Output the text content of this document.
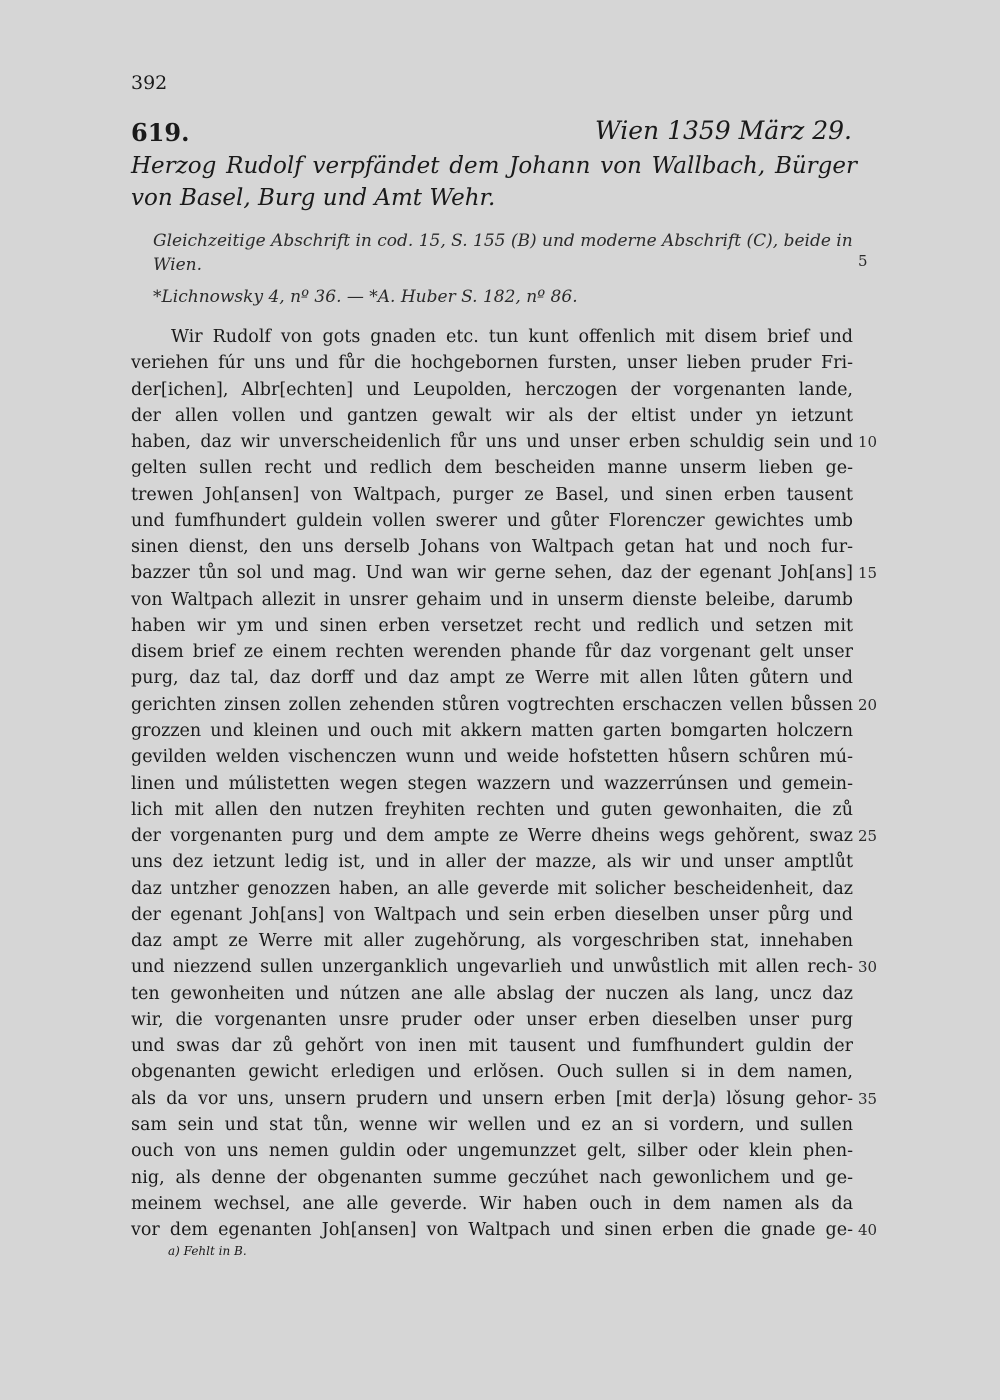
392
619.	Wien 1359 März 29.
Herzog Rudolf verpfändet dem Johann von Wallbach, Bürger von Basel, Burg und Amt Wehr.
Gleichzeitige Abschrift in cod. 15, S. 155 (B) und moderne Abschrift (C), beide in Wien.
*Lichnowsky 4, nº 36. — *A. Huber S. 182, nº 86.
Wir Rudolf von gots gnaden etc. tun kunt offenlich mit disem brief und
veriehen fúr uns und fůr die hochgebornen fursten, unser lieben pruder Fri-
der[ichen], Albr[echten] und Leupolden, herczogen der vorgenanten lande,
der allen vollen und gantzen gewalt wir als der eltist under yn ietzunt
haben, daz wir unverscheidenlich fůr uns und unser erben schuldig sein und
gelten sullen recht und redlich dem bescheiden manne unserm lieben ge-
trewen Joh[ansen] von Waltpach, purger ze Basel, und sinen erben tausent
und fumfhundert guldein vollen swerer und gůter Florenczer gewichtes umb
sinen dienst, den uns derselb Johans von Waltpach getan hat und noch fur-
bazzer tůn sol und mag. Und wan wir gerne sehen, daz der egenant Joh[ans]
von Waltpach allezit in unsrer gehaim und in unserm dienste beleibe, darumb
haben wir ym und sinen erben versetzet recht und redlich und setzen mit
disem brief ze einem rechten werenden phande fůr daz vorgenant gelt unser
purg, daz tal, daz dorff und daz ampt ze Werre mit allen lůten gůtern und
gerichten zinsen zollen zehenden stůren vogtrechten erschaczen vellen bůssen
grozzen und kleinen und ouch mit akkern matten garten bomgarten holczern
gevilden welden vischenczen wunn und weide hofstetten hůsern schůren mú-
linen und múlistetten wegen stegen wazzern und wazzerrúnsen und gemein-
lich mit allen den nutzen freyhiten rechten und guten gewonhaiten, die zů
der vorgenanten purg und dem ampte ze Werre dheins wegs gehǒrent, swaz
uns dez ietzunt ledig ist, und in aller der mazze, als wir und unser amptlůt
daz untzher genozzen haben, an alle geverde mit solicher bescheidenheit, daz
der egenant Joh[ans] von Waltpach und sein erben dieselben unser půrg und
daz ampt ze Werre mit aller zugehǒrung, als vorgeschriben stat, innehaben
und niezzend sullen unzerganklich ungevarlieh und unwůstlich mit allen rech-
ten gewonheiten und nútzen ane alle abslag der nuczen als lang, uncz daz
wir, die vorgenanten unsre pruder oder unser erben dieselben unser purg
und swas dar zů gehǒrt von inen mit tausent und fumfhundert guldin der
obgenanten gewicht erledigen und erlǒsen. Ouch sullen si in dem namen,
als da vor uns, unsern prudern und unsern erben [mit der]a) lǒsung gehor-
sam sein und stat tůn, wenne wir wellen und ez an si vordern, und sullen
ouch von uns nemen guldin oder ungemunzzet gelt, silber oder klein phen-
nig, als denne der obgenanten summe geczúhet nach gewonlichem und ge-
meinem wechsel, ane alle geverde. Wir haben ouch in dem namen als da
vor dem egenanten Joh[ansen] von Waltpach und sinen erben die gnade ge-
5
10
15
20
25
30
35
40
a) Fehlt in B.
